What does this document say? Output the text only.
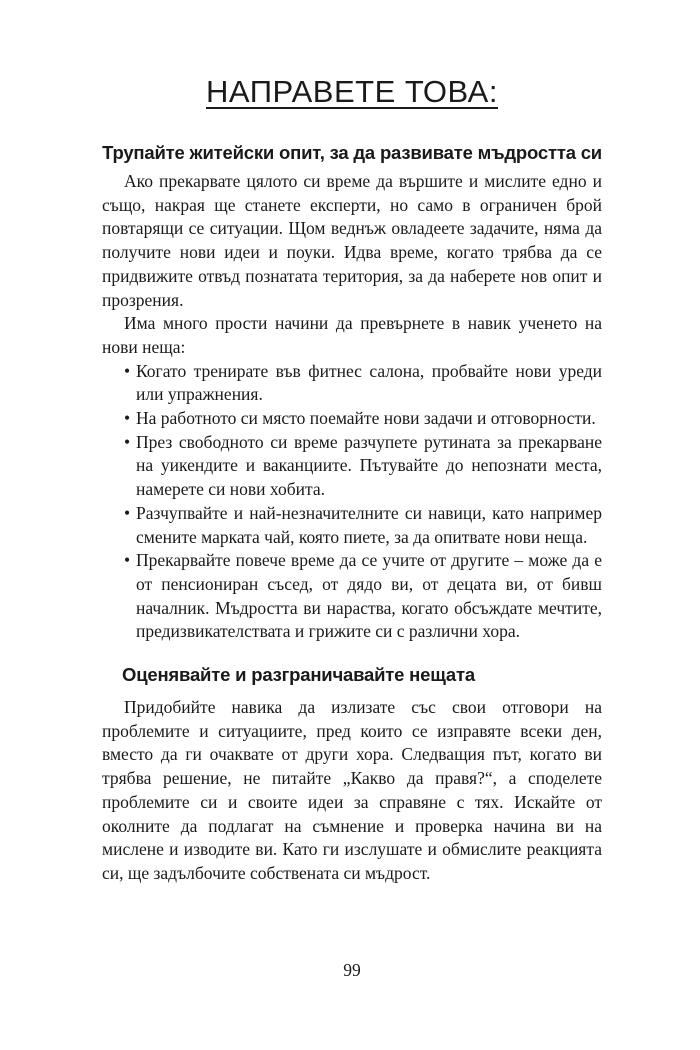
НАПРАВЕТЕ ТОВА:
Трупайте житейски опит, за да развивате мъдростта си

Ако прекарвате цялото си време да вършите и мислите едно и също, накрая ще станете експерти, но само в ограничен брой повтарящи се ситуации. Щом веднъж овладеете задачите, няма да получите нови идеи и поуки. Идва време, когато трябва да се придвижите отвъд познатата територия, за да наберете нов опит и прозрения.

Има много прости начини да превърнете в навик ученето на нови неща:

• Когато тренирате във фитнес салона, пробвайте нови уреди или упражнения.
• На работното си място поемайте нови задачи и отговорности.
• През свободното си време разчупете рутината за прекарване на уикендите и ваканциите. Пътувайте до непознати места, намерете си нови хобита.
• Разчупвайте и най-незначителните си навици, като например смените марката чай, която пиете, за да опитвате нови неща.
• Прекарвайте повече време да се учите от другите – може да е от пенсиониран съсед, от дядо ви, от децата ви, от бивш началник. Мъдростта ви нараства, когато обсъждате мечтите, предизвикателствата и грижите си с различни хора.
Оценявайте и разграничавайте нещата

Придобийте навика да излизате със свои отговори на проблемите и ситуациите, пред които се изправяте всеки ден, вместо да ги очаквате от други хора. Следващия път, когато ви трябва решение, не питайте „Какво да правя?“, а споделете проблемите си и своите идеи за справяне с тях. Искайте от околните да подлагат на съмнение и проверка начина ви на мислене и изводите ви. Като ги изслушате и обмислите реакцията си, ще задълбочите собствената си мъдрост.

99
